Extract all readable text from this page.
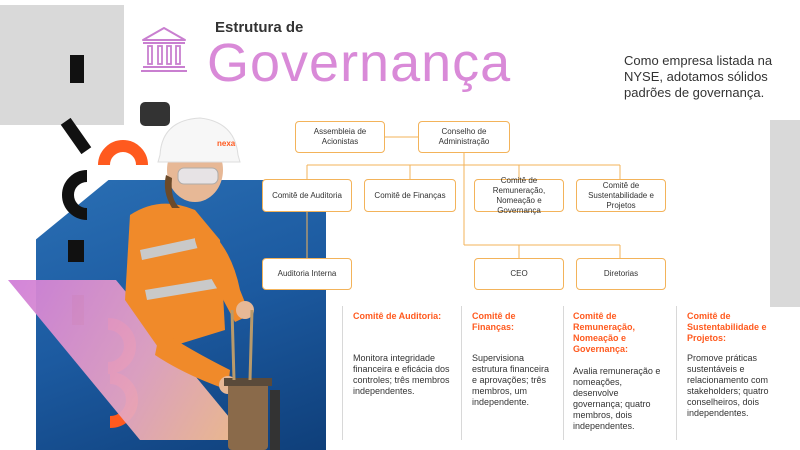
nexa
Estrutura de
Governança	Como empresa listada na NYSE, adotamos sólidos padrões de governança.
Assembleia de Acionistas
Conselho de Administração
Comitê de Auditoria	Comitê de Finanças
Comitê de Remuneração, Nomeação e Governança
Comitê de Sustentabilidade e Projetos
Auditoria Interna	CEO	Diretorias
Comitê de Auditoria:
Monitora integridade financeira e eficácia dos controles; três membros independentes.
Comitê de Finanças:
Supervisiona estrutura financeira e aprovações; três membros, um independente.
Comitê de Remuneração, Nomeação e Governança:
Avalia remuneração e nomeações, desenvolve governança; quatro membros, dois independentes.
Comitê de Sustentabilidade e Projetos:
Promove práticas sustentáveis e relacionamento com stakeholders; quatro conselheiros, dois independentes.
